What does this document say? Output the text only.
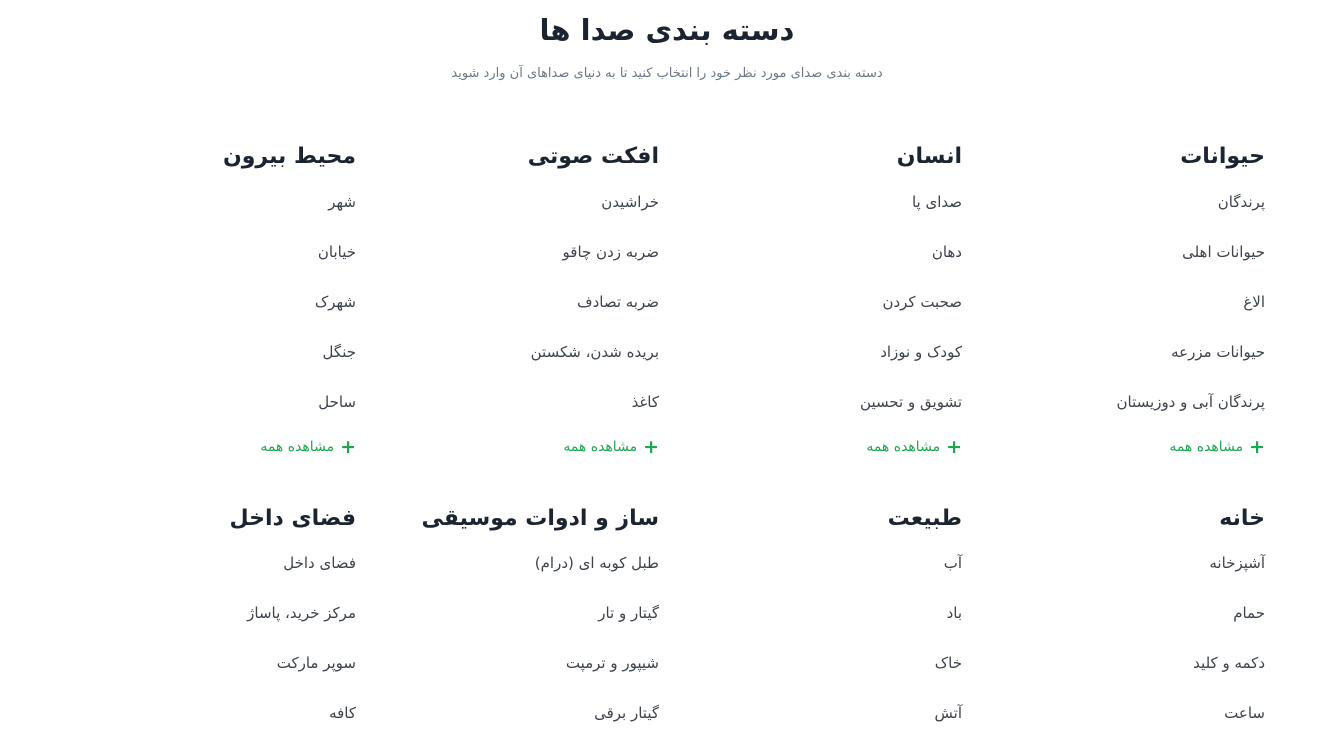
دسته بندی صدا ها

دسته بندی صدای مورد نظر خود را انتخاب کنید تا به دنیای صداهای آن وارد شوید

حیوانات
پرندگان
حیوانات اهلی
الاغ
حیوانات مزرعه
پرندگان آبی و دوزیستان
+
مشاهده همه
انسان
صدای پا
دهان
صحبت کردن
کودک و نوزاد
تشویق و تحسین
+
مشاهده همه
افکت صوتی
خراشیدن
ضربه زدن چاقو
ضربه تصادف
بریده شدن، شکستن
کاغذ
+
مشاهده همه
محیط بیرون
شهر
خیابان
شهرک
جنگل
ساحل
+
مشاهده همه
خانه
آشپزخانه
حمام
دکمه و کلید
ساعت
طبیعت
آب
باد
خاک
آتش
ساز و ادوات موسیقی
طبل کوبه ای (درام)
گیتار و تار
شیپور و ترمپت
گیتار برقی
فضای داخل
فضای داخل
مرکز خرید، پاساژ
سوپر مارکت
کافه
